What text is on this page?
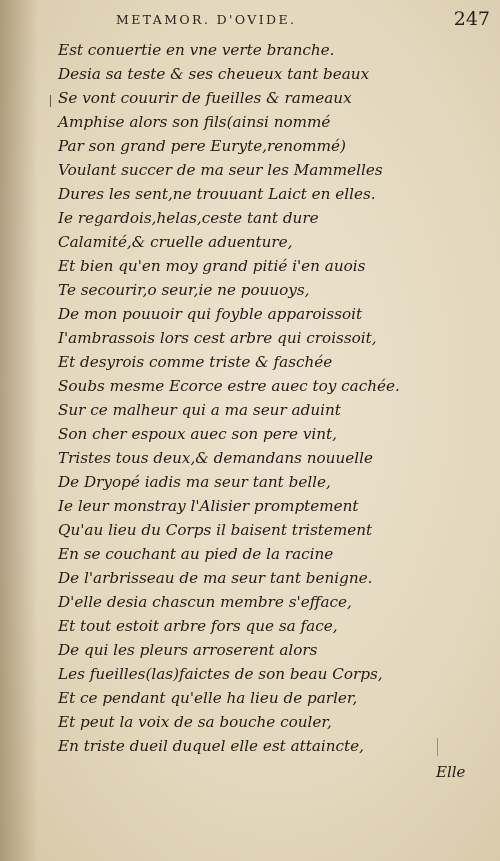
METAMOR. D'OVIDE.	247
Est conuertie en vne verte branche.
Desia sa teste & ses cheueux tant beaux
Se vont couurir de fueilles & rameaux
Amphise alors son fils(ainsi nommé
Par son grand pere Euryte,renommé)
Voulant succer de ma seur les Mammelles
Dures les sent,ne trouuant Laict en elles.
Ie regardois,helas,ceste tant dure
Calamité,& cruelle aduenture,
Et bien qu'en moy grand pitié i'en auois
Te secourir,o seur,ie ne pouuoys,
De mon pouuoir qui foyble apparoissoit
I'ambrassois lors cest arbre qui croissoit,
Et desyrois comme triste & faschée
Soubs mesme Ecorce estre auec toy cachée.
Sur ce malheur qui a ma seur aduint
Son cher espoux auec son pere vint,
Tristes tous deux,& demandans nouuelle
De Dryopé iadis ma seur tant belle,
Ie leur monstray l'Alisier promptement
Qu'au lieu du Corps il baisent tristement
En se couchant au pied de la racine
De l'arbrisseau de ma seur tant benigne.
D'elle desia chascun membre s'efface,
Et tout estoit arbre fors que sa face,
De qui les pleurs arroserent alors
Les fueilles(las)faictes de son beau Corps,
Et ce pendant qu'elle ha lieu de parler,
Et peut la voix de sa bouche couler,
En triste dueil duquel elle est attaincte,
Elle
